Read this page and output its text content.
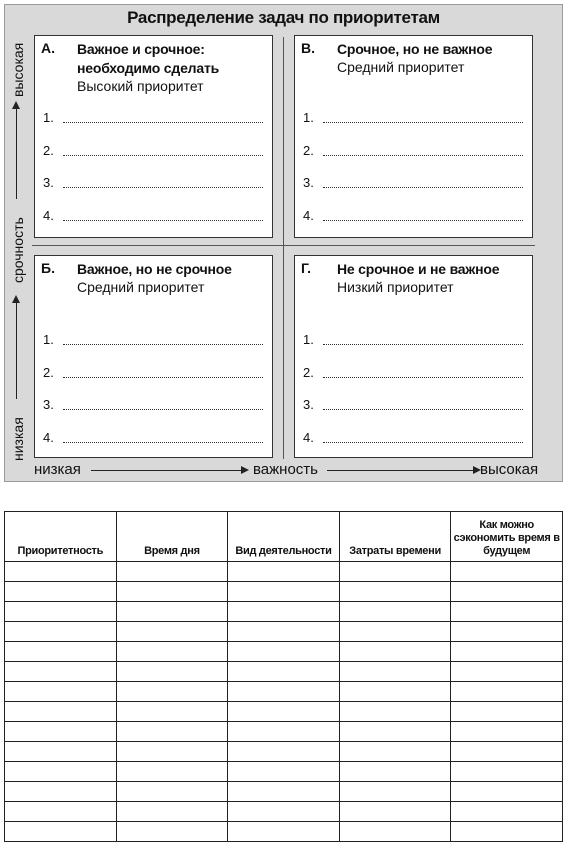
Распределение задач по приоритетам
А. Важное и срочное: необходимо сделать
Высокий приоритет
1.
2.
3.
4.
В. Срочное, но не важное
Средний приоритет
1.
2.
3.
4.
Б. Важное, но не срочное
Средний приоритет
1.
2.
3.
4.
Г. Не срочное и не важное
Низкий приоритет
1.
2.
3.
4.
высокая
срочность
низкая
низкая	важность	высокая
Приоритетность	Время дня	Вид деятельности	Затраты времени	Как можно сэкономить время в будущем
